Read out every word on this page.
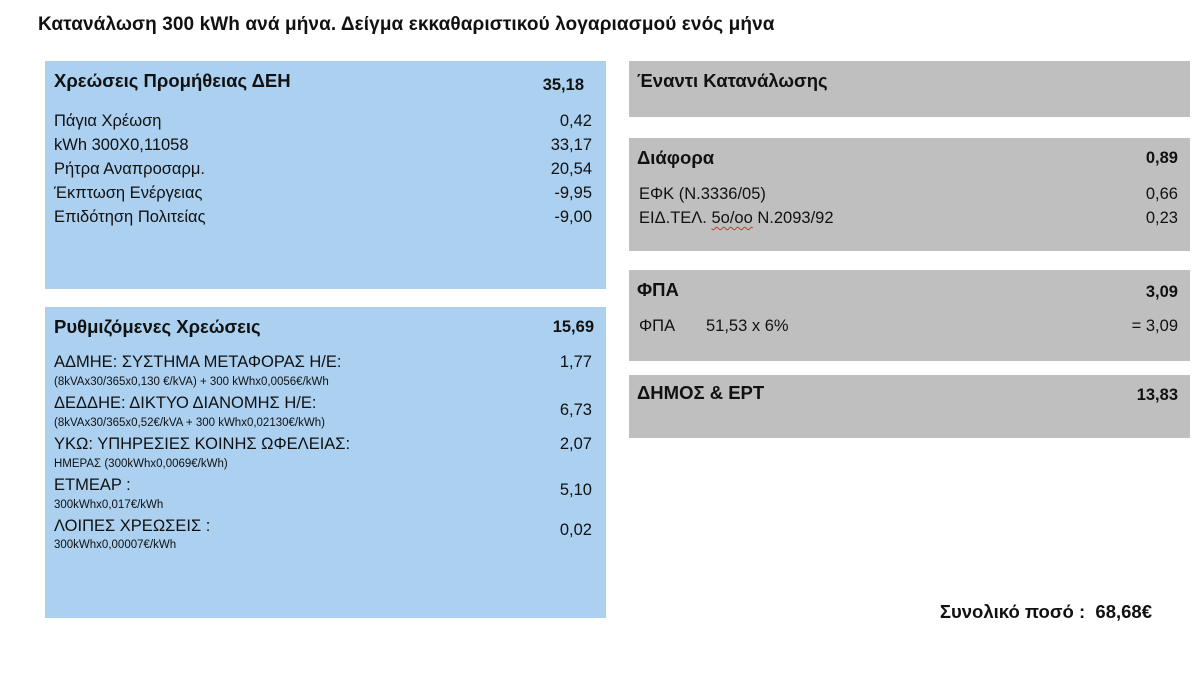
Κατανάλωση 300 kWh ανά μήνα. Δείγμα εκκαθαριστικού λογαριασμού ενός μήνα
Χρεώσεις Προμήθειας ΔΕΗ	35,18
Πάγια Χρέωση	0,42
kWh 300Χ0,11058	33,17
Ρήτρα Αναπροσαρμ.	20,54
Έκπτωση Ενέργειας	-9,95
Επιδότηση Πολιτείας	-9,00
Ρυθμιζόμενες Χρεώσεις	15,69
ΑΔΜΗΕ: ΣΥΣΤΗΜΑ ΜΕΤΑΦΟΡΑΣ Η/Ε:	1,77
(8kVAx30/365x0,130 €/kVA) + 300 kWhx0,0056€/kWh
ΔΕΔΔΗΕ: ΔΙΚΤΥΟ ΔΙΑΝΟΜΗΣ Η/Ε:	6,73
(8kVAx30/365x0,52€/kVA + 300 kWhx0,02130€/kWh)
ΥΚΩ: ΥΠΗΡΕΣΙΕΣ ΚΟΙΝΗΣ ΩΦΕΛΕΙΑΣ:	2,07
ΗΜΕΡΑΣ (300kWhx0,0069€/kWh)
ΕΤΜΕΑΡ :	5,10
300kWhx0,017€/kWh
ΛΟΙΠΕΣ ΧΡΕΩΣΕΙΣ :	0,02
300kWhx0,00007€/kWh
Έναντι Κατανάλωσης
Διάφορα	0,89
ΕΦΚ (Ν.3336/05)	0,66
ΕΙΔ.ΤΕΛ. 5ο/οο Ν.2093/92	0,23
ΦΠΑ	3,09
ΦΠΑ 51,53 x 6%	= 3,09
ΔΗΜΟΣ & ΕΡΤ	13,83
Συνολικό ποσό : 68,68€
